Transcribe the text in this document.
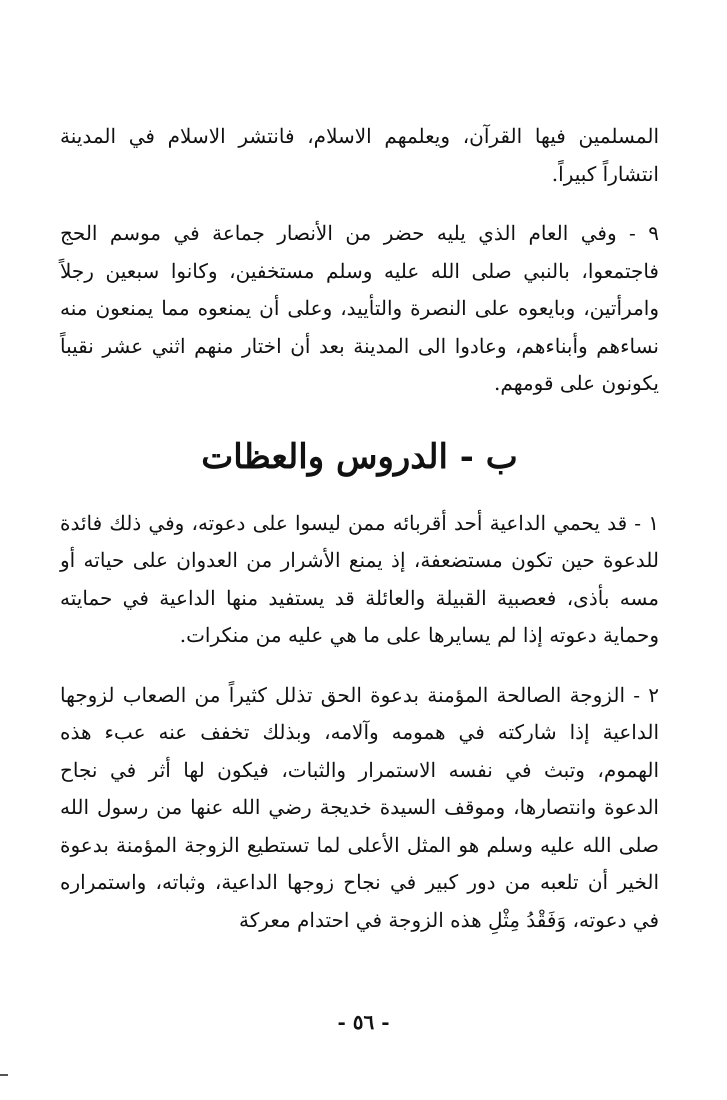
المسلمين فيها القرآن، ويعلمهم الاسلام، فانتشر الاسلام في المدينة انتشاراً كبيراً.

٩ - وفي العام الذي يليه حضر من الأنصار جماعة في موسم الحج فاجتمعوا، بالنبي صلى الله عليه وسلم مستخفين، وكانوا سبعين رجلاً وامرأتين، وبايعوه على النصرة والتأييد، وعلى أن يمنعوه مما يمنعون منه نساءهم وأبناءهم، وعادوا الى المدينة بعد أن اختار منهم اثني عشر نقيباً يكونون على قومهم.

ب - الدروس والعظات

١ - قد يحمي الداعية أحد أقربائه ممن ليسوا على دعوته، وفي ذلك فائدة للدعوة حين تكون مستضعفة، إذ يمنع الأشرار من العدوان على حياته أو مسه بأذى، فعصبية القبيلة والعائلة قد يستفيد منها الداعية في حمايته وحماية دعوته إذا لم يسايرها على ما هي عليه من منكرات.

٢ - الزوجة الصالحة المؤمنة بدعوة الحق تذلل كثيراً من الصعاب لزوجها الداعية إذا شاركته في همومه وآلامه، وبذلك تخفف عنه عبء هذه الهموم، وتبث في نفسه الاستمرار والثبات، فيكون لها أثر في نجاح الدعوة وانتصارها، وموقف السيدة خديجة رضي الله عنها من رسول الله صلى الله عليه وسلم هو المثل الأعلى لما تستطيع الزوجة المؤمنة بدعوة الخير أن تلعبه من دور كبير في نجاح زوجها الداعية، وثباته، واستمراره في دعوته، وَفَقْدُ مِثْلِ هذه الزوجة في احتدام معركة

- ٥٦ -
